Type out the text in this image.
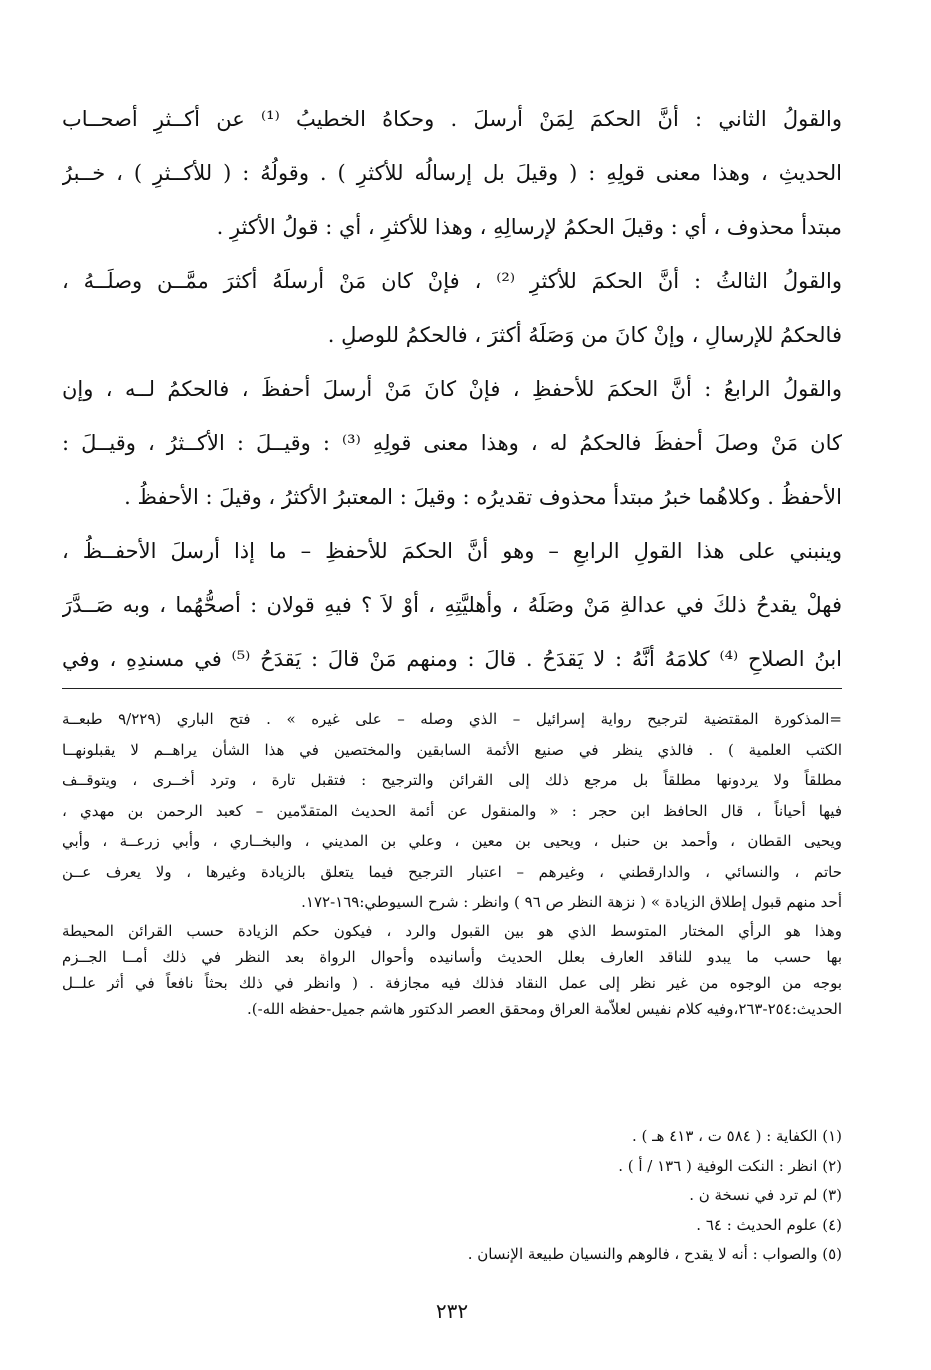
والقولُ الثاني : أنَّ الحكمَ لِمَنْ أرسلَ . وحكاهُ الخطيبُ ⁽¹⁾ عن أكــثرِ أصحــاب
الحديثِ ، وهذا معنى قولِهِ : ( وقيلَ بل إرسالُه للأكثرِ ) . وقولُهُ : ( للأكــثرِ ) ، خــبرُ
مبتدأ محذوف ، أي : وقيلَ الحكمُ لإرسالِهِ ، وهذا للأكثرِ ، أي : قولُ الأكثرِ .
والقولُ الثالثُ : أنَّ الحكمَ للأكثرِ ⁽²⁾ ، فإنْ كان مَنْ أرسلَهُ أكثرَ ممَّــن وصلَــهُ ،
فالحكمُ للإرسالِ ، وإنْ كانَ من وَصَلَهُ أكثرَ ، فالحكمُ للوصلِ .
والقولُ الرابعُ : أنَّ الحكمَ للأحفظِ ، فإنْ كانَ مَنْ أرسلَ أحفظَ ، فالحكمُ لــه ، وإن
كان مَنْ وصلَ أحفظَ فالحكمُ له ، وهذا معنى قولِهِ ⁽³⁾ : وقيــلَ : الأكــثرُ ، وقيــلَ :
الأحفظُ . وكلاهُما خبرُ مبتدأ محذوف تقديرُه : وقيلَ : المعتبرُ الأكثرُ ، وقيلَ : الأحفظُ .
وينبني على هذا القولِ الرابعِ – وهو أنَّ الحكمَ للأحفظِ – ما إذا أرسلَ الأحفــظُ ،
فهلْ يقدحُ ذلكَ في عدالةِ مَنْ وصَلَهُ ، وأهليَّتِهِ ، أوْ لاَ ؟ فيهِ قولان : أصحُّهُما ، وبه صَــدَّرَ
ابنُ الصلاحِ ⁽⁴⁾ كلامَهُ أنَّهُ : لا يَقدَحُ . قالَ : ومنهم مَنْ قالَ : يَقدَحُ ⁽⁵⁾ في مسندِهِ ، وفي
=المذكورة المقتضية لترجيح رواية إسرائيل – الذي وصله – على غيره » . فتح الباري (٩/٢٢٩ طبعــة
الكتب العلمية ) . فالذي ينظر في صنيع الأئمة السابقين والمختصين في هذا الشأن يراهــم لا يقبلونهــا
مطلقاً ولا يردونها مطلقاً بل مرجع ذلك إلى القرائن والترجيح : فتقبل تارة ، وترد أخــرى ، ويتوقــف
فيها أحياناً ، قال الحافظ ابن حجر : « والمنقول عن أئمة الحديث المتقدّمين – كعبد الرحمن بن مهدي ،
ويحيى القطان ، وأحمد بن حنبل ، ويحيى بن معين ، وعلي بن المديني ، والبخــاري ، وأبي زرعــة ، وأبي
حاتم ، والنسائي ، والدارقطني ، وغيرهم – اعتبار الترجيح فيما يتعلق بالزيادة وغيرها ، ولا يعرف عــن
أحد منهم قبول إطلاق الزيادة » ( نزهة النظر ص ٩٦ ) وانظر : شرح السيوطي:١٦٩-١٧٢.
وهذا هو الرأي المختار المتوسط الذي هو بين القبول والرد ، فيكون حكم الزيادة حسب القرائن المحيطة
بها حسب ما يبدو للناقد العارف بعلل الحديث وأسانيده وأحوال الرواة بعد النظر في ذلك أمــا الجــزم
بوجه من الوجوه من غير نظر إلى عمل النقاد فذلك فيه مجازفة . ( وانظر في ذلك بحثاً نافعاً في أثر علــل
الحديث:٢٥٤-٢٦٣،وفيه كلام نفيس لعلاّمة العراق ومحقق العصر الدكتور هاشم جميل-حفظه الله-).
(١) الكفاية : ( ٥٨٤ ت ، ٤١٣ هـ ) .
(٢) انظر : النكت الوفية ( ١٣٦ / أ ) .
(٣) لم ترد في نسخة ن .
(٤) علوم الحديث : ٦٤ .
(٥) والصواب : أنه لا يقدح ، فالوهم والنسيان طبيعة الإنسان .
٢٣٢
